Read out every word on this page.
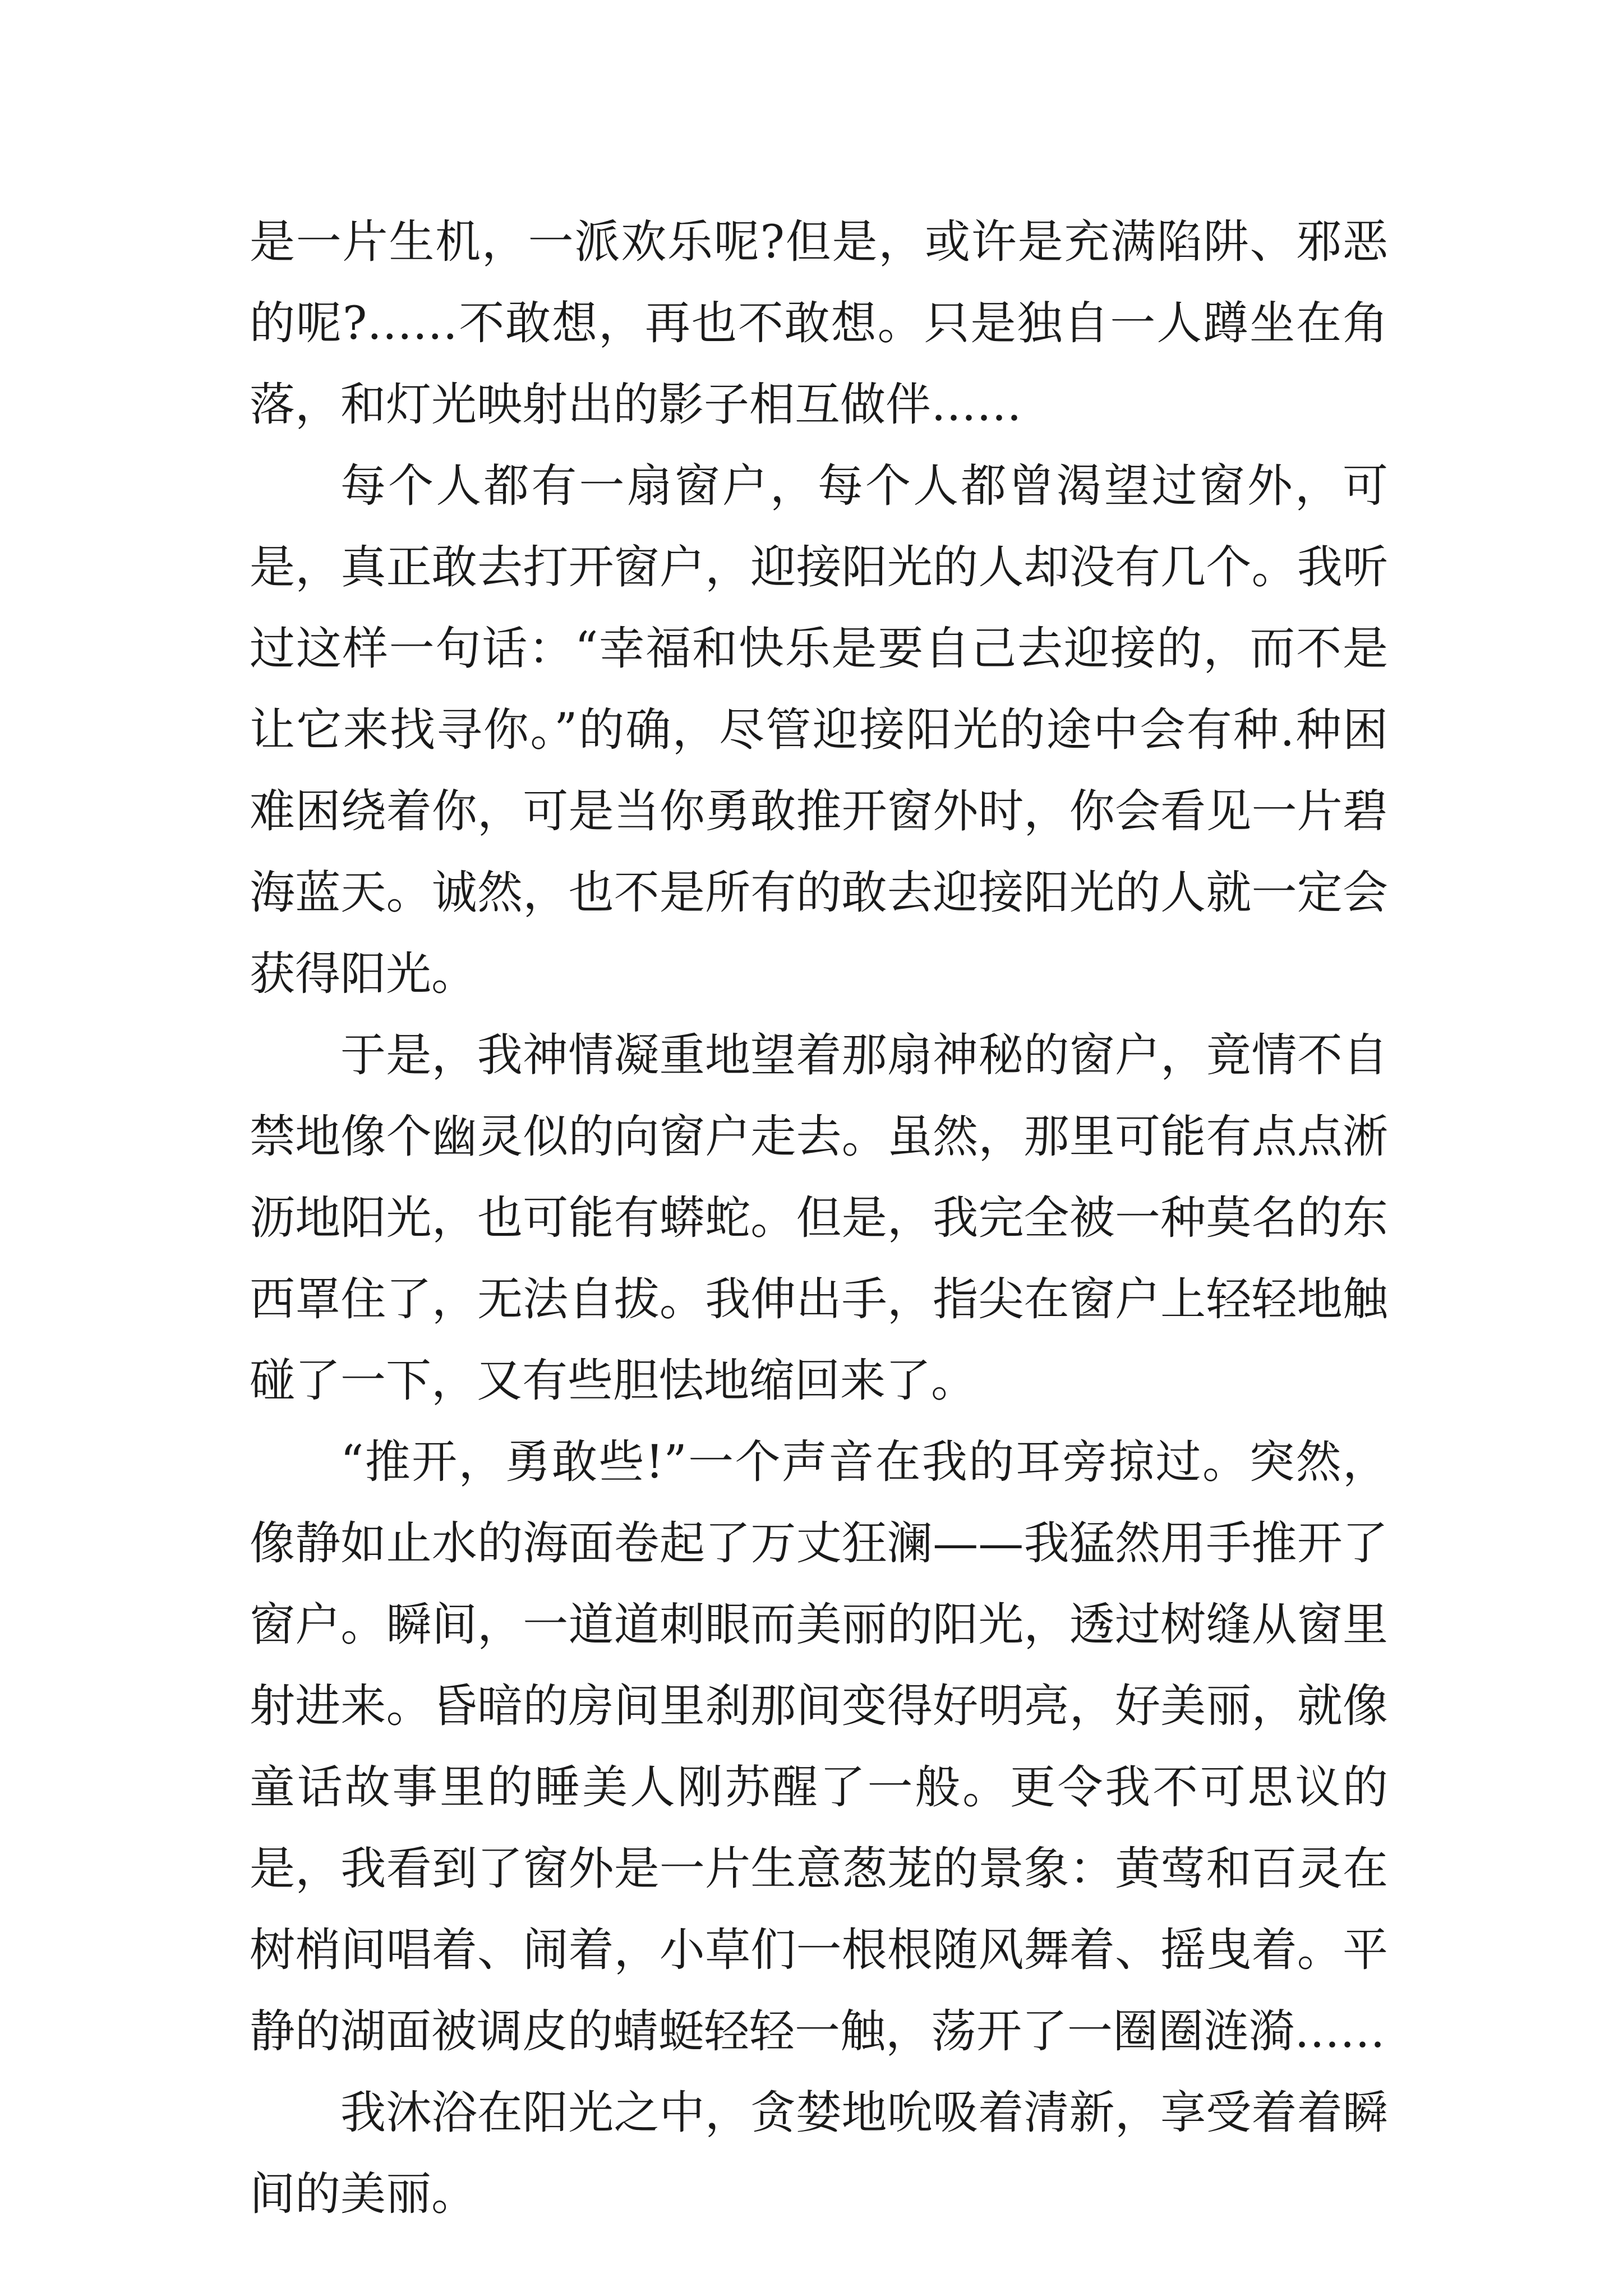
是一片生机，一派欢乐呢?但是，或许是充满陷阱、邪恶的呢?……不敢想，再也不敢想。只是独自一人蹲坐在角落，和灯光映射出的影子相互做伴……

每个人都有一扇窗户，每个人都曾渴望过窗外，可是，真正敢去打开窗户，迎接阳光的人却没有几个。我听过这样一句话：“幸福和快乐是要自己去迎接的，而不是让它来找寻你。”的确，尽管迎接阳光的途中会有种.种困难困绕着你，可是当你勇敢推开窗外时，你会看见一片碧海蓝天。诚然，也不是所有的敢去迎接阳光的人就一定会获得阳光。

于是，我神情凝重地望着那扇神秘的窗户，竟情不自禁地像个幽灵似的向窗户走去。虽然，那里可能有点点淅沥地阳光，也可能有蟒蛇。但是，我完全被一种莫名的东西罩住了，无法自拔。我伸出手，指尖在窗户上轻轻地触碰了一下，又有些胆怯地缩回来了。

“推开，勇敢些!”一个声音在我的耳旁掠过。突然，像静如止水的海面卷起了万丈狂澜——我猛然用手推开了窗户。瞬间，一道道刺眼而美丽的阳光，透过树缝从窗里射进来。昏暗的房间里刹那间变得好明亮，好美丽，就像童话故事里的睡美人刚苏醒了一般。更令我不可思议的是，我看到了窗外是一片生意葱茏的景象：黄莺和百灵在树梢间唱着、闹着，小草们一根根随风舞着、摇曳着。平静的湖面被调皮的蜻蜓轻轻一触，荡开了一圈圈涟漪……

我沐浴在阳光之中，贪婪地吮吸着清新，享受着着瞬间的美丽。
